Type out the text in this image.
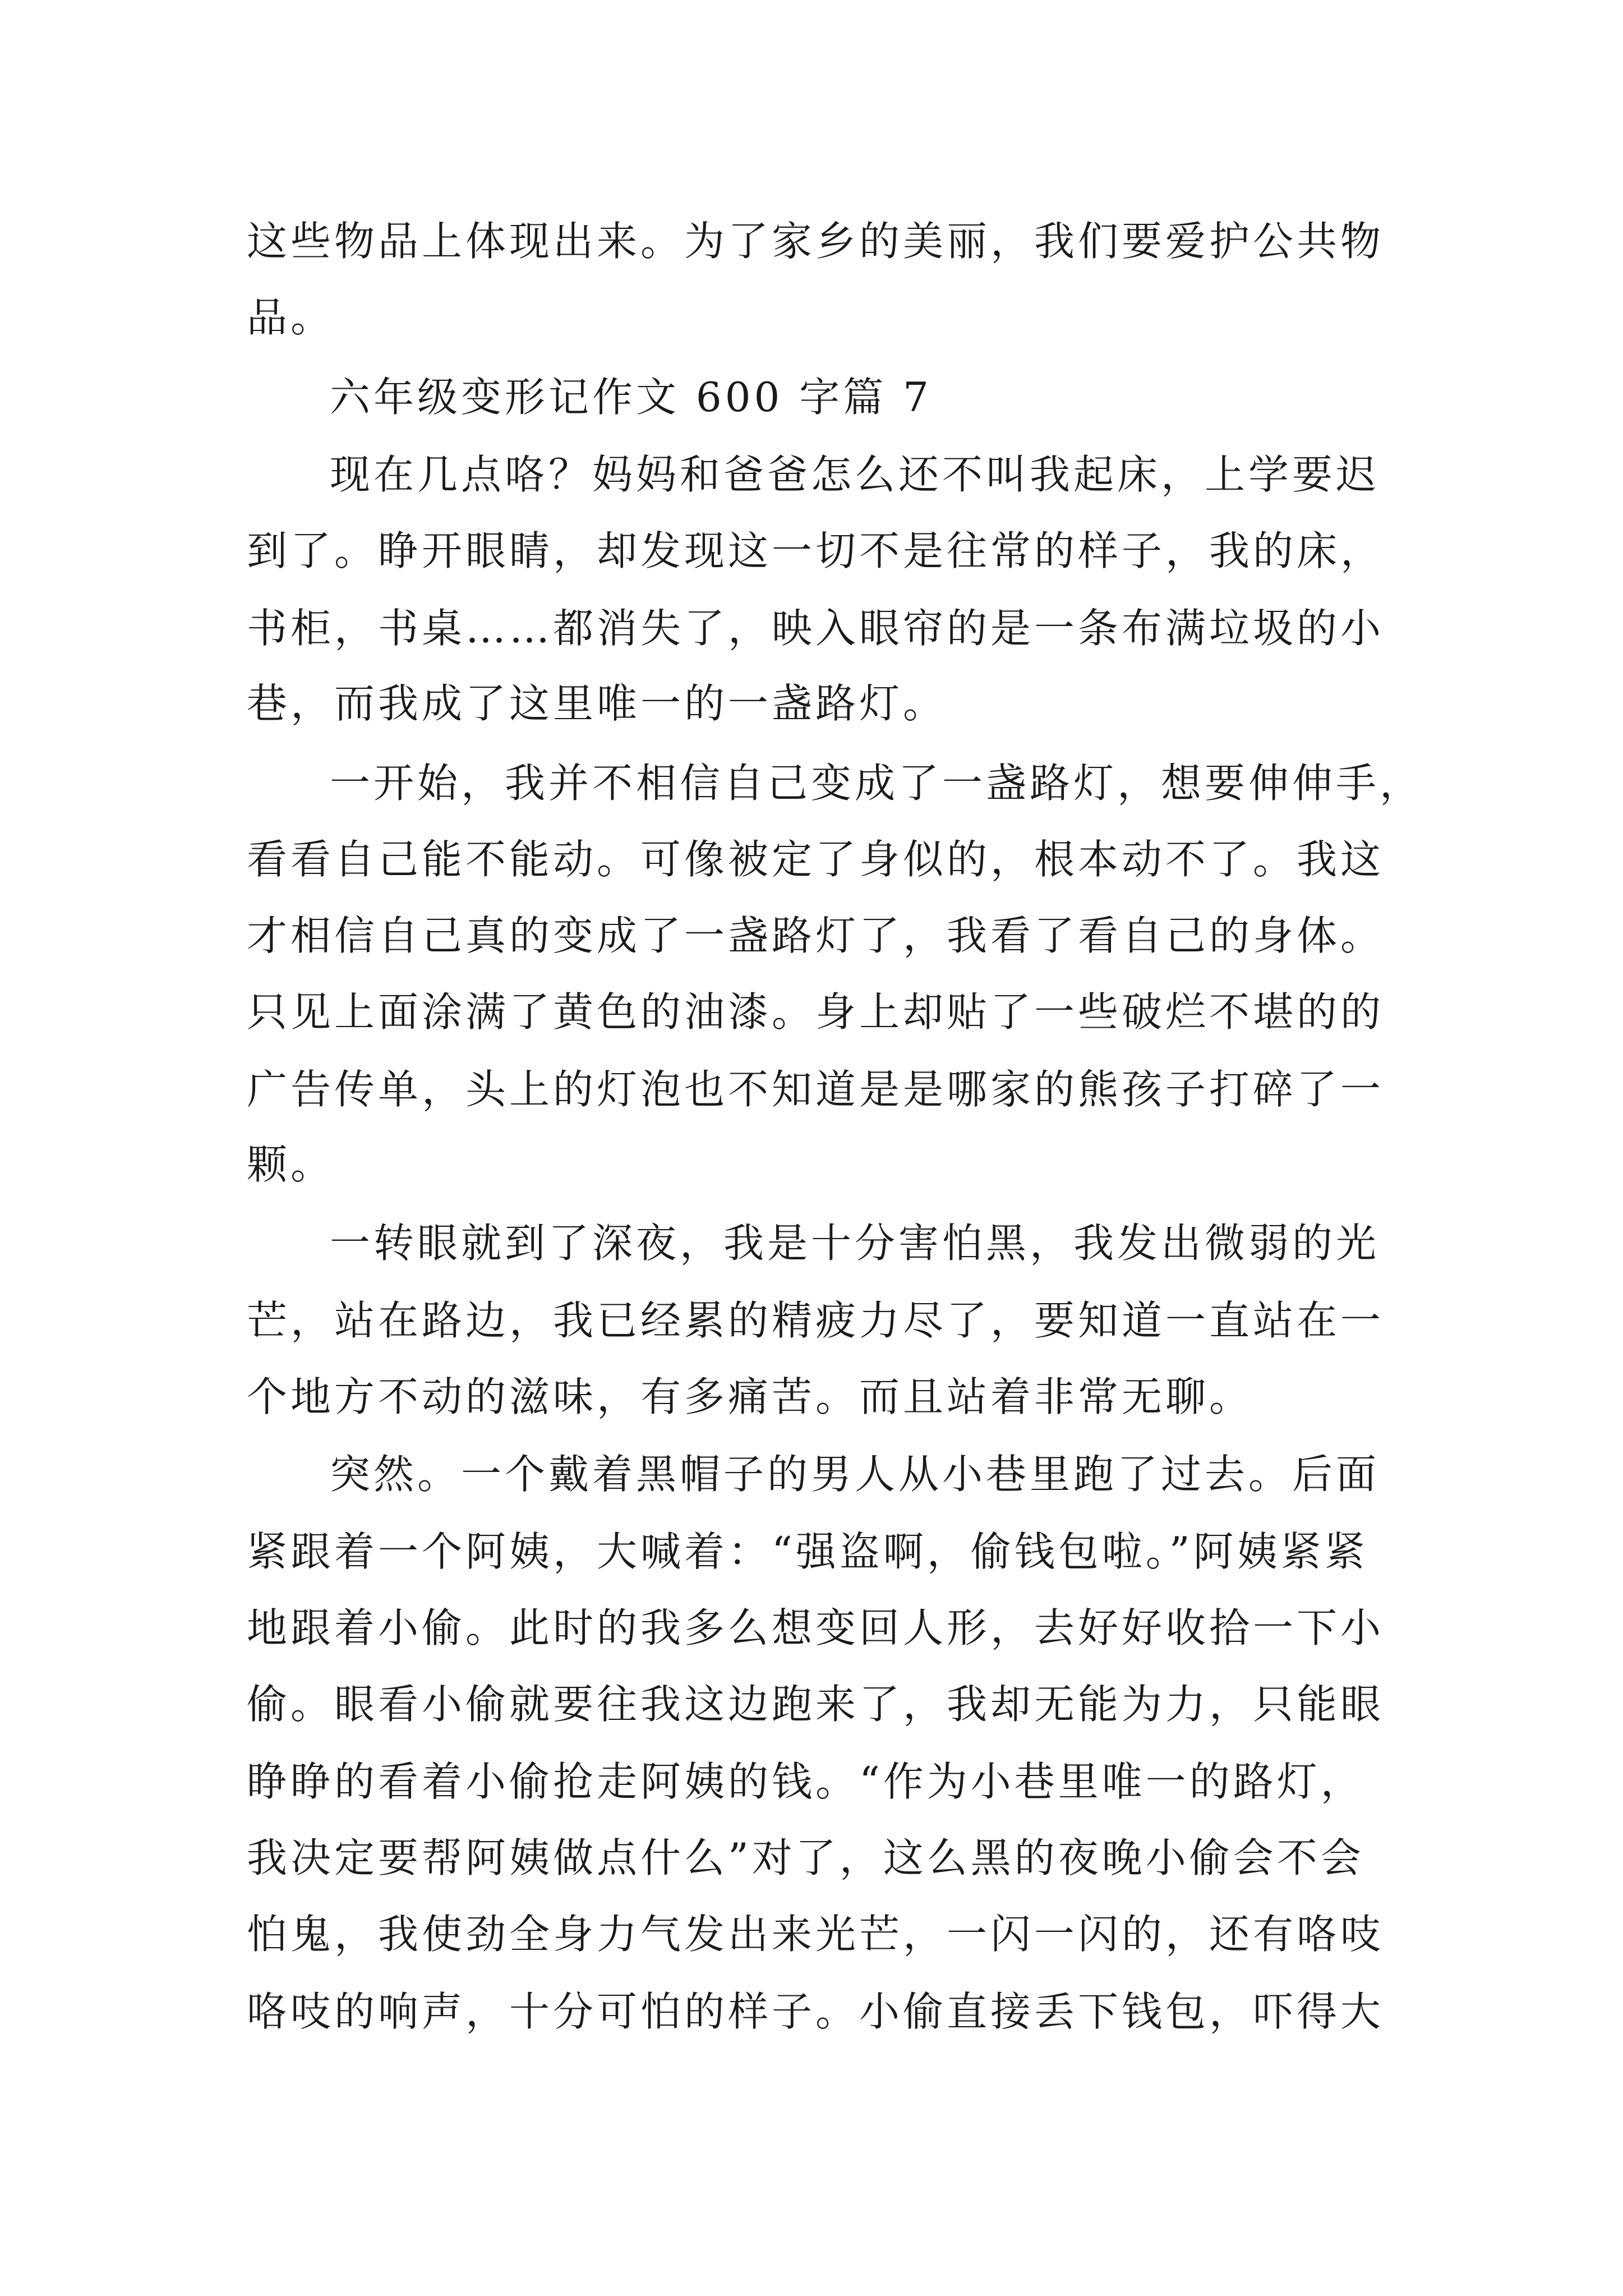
这些物品上体现出来。为了家乡的美丽，我们要爱护公共物

品。

六年级变形记作文 600 字篇 7

现在几点咯？妈妈和爸爸怎么还不叫我起床，上学要迟

到了。睁开眼睛，却发现这一切不是往常的样子，我的床，

书柜，书桌……都消失了，映入眼帘的是一条布满垃圾的小

巷，而我成了这里唯一的一盏路灯。

一开始，我并不相信自己变成了一盏路灯，想要伸伸手，

看看自己能不能动。可像被定了身似的，根本动不了。我这

才相信自己真的变成了一盏路灯了，我看了看自己的身体。

只见上面涂满了黄色的油漆。身上却贴了一些破烂不堪的的

广告传单，头上的灯泡也不知道是是哪家的熊孩子打碎了一

颗。

一转眼就到了深夜，我是十分害怕黑，我发出微弱的光

芒，站在路边，我已经累的精疲力尽了，要知道一直站在一

个地方不动的滋味，有多痛苦。而且站着非常无聊。

突然。一个戴着黑帽子的男人从小巷里跑了过去。后面

紧跟着一个阿姨，大喊着：“强盗啊，偷钱包啦。”阿姨紧紧

地跟着小偷。此时的我多么想变回人形，去好好收拾一下小

偷。眼看小偷就要往我这边跑来了，我却无能为力，只能眼

睁睁的看着小偷抢走阿姨的钱。“作为小巷里唯一的路灯，

我决定要帮阿姨做点什么”对了，这么黑的夜晚小偷会不会

怕鬼，我使劲全身力气发出来光芒，一闪一闪的，还有咯吱

咯吱的响声，十分可怕的样子。小偷直接丢下钱包，吓得大
